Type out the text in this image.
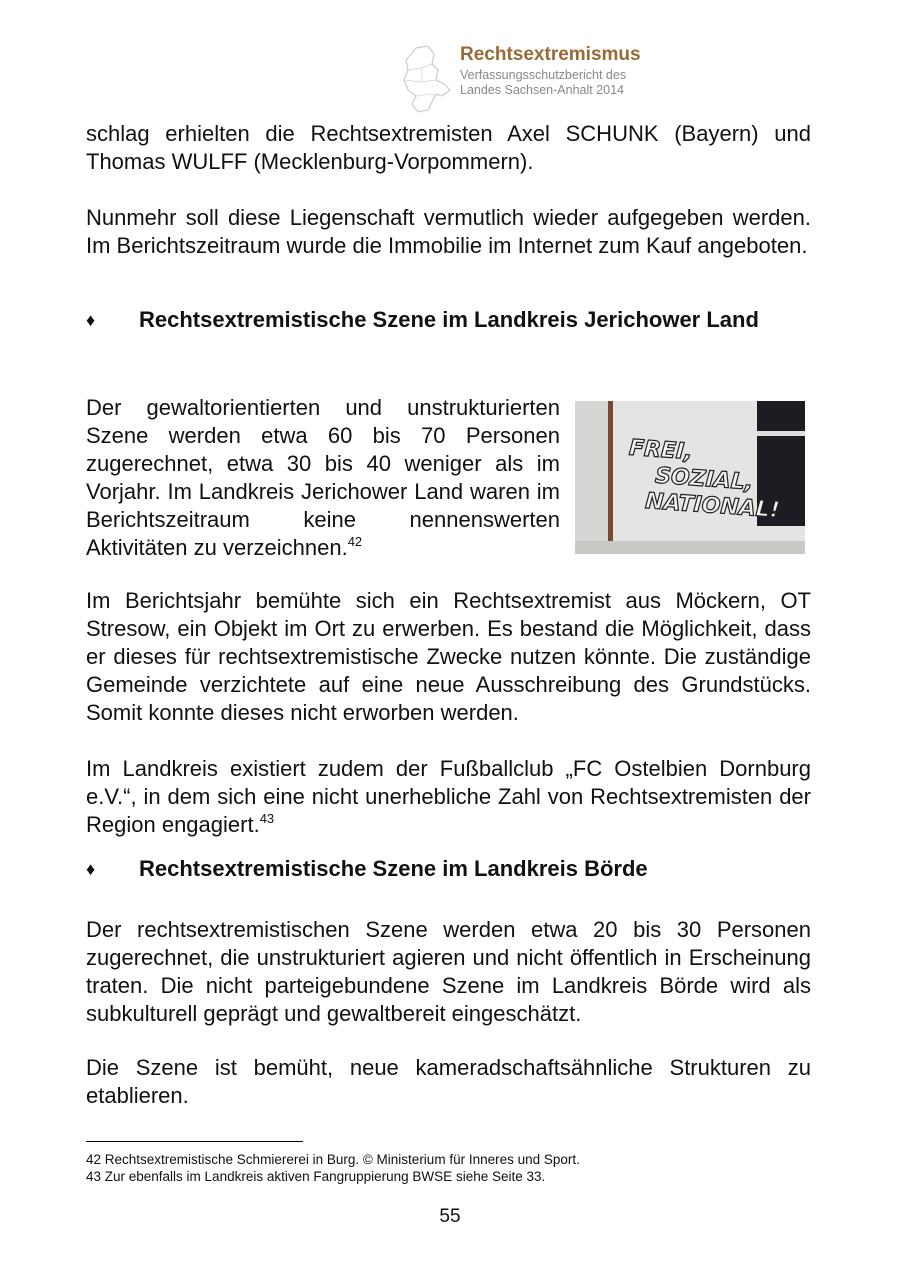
Rechtsextremismus
Verfassungsschutzbericht des
Landes Sachsen-Anhalt 2014
schlag erhielten die Rechtsextremisten Axel SCHUNK (Bayern) und Thomas WULFF (Mecklenburg-Vorpommern).
Nunmehr soll diese Liegenschaft vermutlich wieder aufgegeben werden. Im Berichtszeitraum wurde die Immobilie im Internet zum Kauf angeboten.
♦ Rechtsextremistische Szene im Landkreis Jerichower Land
Der gewaltorientierten und unstrukturierten Szene werden etwa 60 bis 70 Personen zugerechnet, etwa 30 bis 40 weniger als im Vorjahr. Im Landkreis Jerichower Land waren im Berichtszeitraum keine nennenswerten Aktivitäten zu verzeichnen.$^{42}$
FREI,
SOZIAL,
NATIONAL!
Im Berichtsjahr bemühte sich ein Rechtsextremist aus Möckern, OT Stresow, ein Objekt im Ort zu erwerben. Es bestand die Möglichkeit, dass er dieses für rechtsextremistische Zwecke nutzen könnte. Die zuständige Gemeinde verzichtete auf eine neue Ausschreibung des Grundstücks. Somit konnte dieses nicht erworben werden.
Im Landkreis existiert zudem der Fußballclub „FC Ostelbien Dornburg e.V.“, in dem sich eine nicht unerhebliche Zahl von Rechtsextremisten der Region engagiert.$^{43}$
♦ Rechtsextremistische Szene im Landkreis Börde
Der rechtsextremistischen Szene werden etwa 20 bis 30 Personen zugerechnet, die unstrukturiert agieren und nicht öffentlich in Erscheinung traten. Die nicht parteigebundene Szene im Landkreis Börde wird als subkulturell geprägt und gewaltbereit eingeschätzt.
Die Szene ist bemüht, neue kameradschaftsähnliche Strukturen zu etablieren.
42 Rechtsextremistische Schmiererei in Burg. © Ministerium für Inneres und Sport.
43 Zur ebenfalls im Landkreis aktiven Fangruppierung BWSE siehe Seite 33.
55
